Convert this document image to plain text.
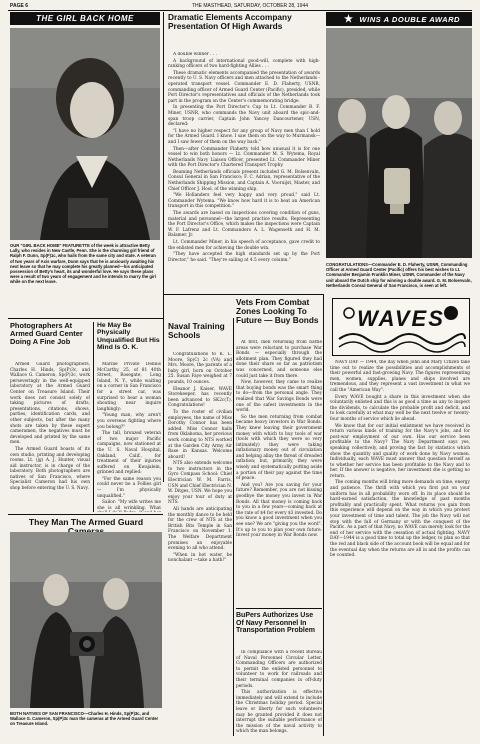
PAGE 6	THE MASTHEAD, SATURDAY, OCTOBER 28, 1944
THE GIRL BACK HOME
OUR "GIRL BACK HOME" FEATURETTE of the week is attractive Betty Lally, who resides in New Castle, Penn. She is the charming girl friend of Ralph F. Dunn, Sp(F)1c, who hails from the same city and state. A veteran of two years of Axis warfare, Dunn says that he is anxiously awaiting his next leave so that he may complete his greatly planned—his anticipated possession of Betty's heart, its and wonderful love. He says these plans were a result of two years of engagement and he intends to marry the girl while on the next leave.
Dramatic Elements Accompany Presentation Of High Awards

A double winner . . .

A background of international good-will, complete with high-ranking officers of two hard-fighting Allies . . .

These dramatic elements accompanied the presentation of awards recently to U. S. Navy officers and men attached to the Netherlands - operated transport vessel. Commander E. D. Flaherty, USNR, commanding officer of Armed Guard Center (Pacific), presided, while Port Director's representatives and officials of the Netherlands took part in the program on the Center's commemorating bridge.

In presenting the Port Director's Cup to Lt. Commander B. F. Miner, USNR, who commands the Navy unit aboard the spic-and-span troop carrier, Captain John Yancey Dancourtener, USN, declared:

"I have no higher respect for any group of Navy men than I hold for the Armed Guard. I know. I saw them on the way to Murmansk—and I saw fewer of them on the way back."

Then—after Commander Flaherty told how unusual it is for one vessel to win both honors — Lt. Commander M. S. Wytema, Royal Netherlands Navy Liaison Officer, presented Lt. Commander Miner with the Port Director's Chartered Transport Trophy.

Beaming Netherlands officials present included G. M. Bolsenvaln, Consul General in San Francisco; F. C. Adrian, representative of the Netherlands Shipping Mission, and Captain A. Vooruijst, Master, and Chief Officer J. Hool, of the winning ship.

"We Hollanders feel very happy and very proud," said Lt. Commander Wytema. "We know how hard it is to beat an American transport in this competition."

The awards are based on inspections covering condition of guns, material and personnel—the largest practice results. Representing the Port Director's Office, which makes the inspections were Captain W. F. Lafrenz and Lt. Commanders A. L. Wagenseth and H. M. Balamer, Jr.

Lt. Commander Miner, in his speech of acceptance, gave credit to the enlisted men for achieving the double win.

"They have accepted the high standards set up by the Port Director," he said. "They're sailing at 4.5 every column."

★ WINS A DOUBLE AWARD
CONGRATULATIONS—Commander E. D. Flaherty, USNR, Commanding Officer at Armed Guard Center (Pacific) offers his best wishes to Lt. Commander Benjamin Franklin Miner, USNR, Commander of the Navy unit aboard the Dutch ship for winning a double award. G. M. Bolsenvaln, Netherlands Consul General of San Francisco, is seen at left.
Vets From Combat Zones Looking To Future — Buy Bonds

At first, men returning from battle areas were reluctant to purchase War Bonds — especially through the allotment plan. They figured they had done their share so far as patriotism was concerned, and someone else could just take it from there.

Now, however, they came to realize that buying bonds was the smart thing to do—from the personal angle. They realized that War Savings Bonds were one of the safest investments in the world.

So the men returning from combat became heavy investors in War Bonds. They knew leaving their government money with which to buy tools of war (tools with which they were so very intimately) they were taking inflationary money out of circulation and helping allay the threat of dreaded inflation; but, primarily, they were wisely and systematically putting aside a portion of their pay against the time of peace.

And you? Are you saving for your future? Remember, you are not kissing goodbye the money you invest in War Bonds. All that money is coming back to you in a few years—coming back at the rate of $4 for every $3 invested. Do you know a good investment when you see one? We are "giving you the word". It's up to you to plan your own future. Invest your money in War Bonds now.

Naval Training Schools

Congratulations to K. L. Moore, Sp(C) 2c (VA) and Mrs. Moore, the parents of a baby girl, born on October 25. Susan Faye weighed at 7 pounds, 10 ounces.

Eleanor J. Kaiser, WAVE Storekeeper, has recently been advanced to SK2c(T). Congratulations!

To the roster of civilian employees, the name of Miss Dorothy Connor has been added. Miss Connor hails from Oklahoma, her previous work coming to NTS worked at the Garden City Army Air Base in Kansas. Welcome aboard!

NTS also extends welcome to two instructors in the Gyro Compass School: Chief Electrician W. M. Farris, USN and Chief Electrician N. W. Ditges, USN. We hope you enjoy your tour of duty at NTS.

All hands are anticipating the monthly dance to be held for the crew of NTS at the British Bits Temple in San Francisco on November 1. The Welfare Department promises an enjoyable evening to all who attend.

"When in hot water, be nonchalant —take a bath!"

BuPers Authorizes Use Of Navy Personnel In Transportation Problem

In compliance with a recent Bureau of Naval Personnel Circular Letter, Commanding Officers are authorized to permit the enlisted personnel to volunteer to work for railroads and their terminal companies in off-duty periods.

This authorization is effective immediately and will extend to include the Christmas holiday period. Special leave or liberty for such volunteers may be granted provided it does not interrupt the suitable performance of the mission of the naval activity to which the man belongs.

WAVES

NAVY DAY — 1944, the day when John and Mary Citizen take time out to realize the possibilities and accomplishments of their powerful and fast-growing Navy. The figures representing men, women, supplies, planes and ships involved are tremendous, and they represent a vast investment in what we call the "American Way".

Every WAVE bought a share in this investment when she voluntarily enlisted and this is as good a time as any to inspect the dividends, to calculate the probable profit and deficit, and to look carefully at what may well be the next twelve or twenty-four months of service which lie ahead.

We know that for our initial enlistment we have received in return various kinds of training for the Navy's jobs, and for post-war employment of our own. Has our service been profitable to the Navy? The Navy Department says yes, speaking collectively, and proving the fact by statistics which show the quantity and quality of work done by Navy women. Individually, each WAVE must answer that question herself as to whether her service has been profitable to the Navy and to her. If the answer is negative, her investment she is getting no return.

The coming months will bring more demands on time, energy and patience. The thrill with which you first put on your uniform has in all probability worn off. In its place should be hard-earned satisfaction, the knowledge of past months profitably and practically spent. What returns you gain from this experience will depend on the way in which you protect your investment of time and talent. The job the Navy will not stop with the fall of Germany or with the conquest of the Pacific. As a part of that Navy, no WAVE can merely look for the end of her service with the cessation of actual fighting. NAVY DAY—1944 is a good time to total up the ledger, to plan so that the red and black side of the account book will be equal and for the eventual day when the returns are all in and the profits can be counted.

Photographers At Armed Guard Center Doing A Fine Job

Armed Guard photographers, Charles H. Hinds, Sp(P)3c, and Wallace G. Cameron, Sp(P)3c, work perseveringly in the well-equipped laboratory at the Armed Guard Center on Treasure Island. Their work does not consist solely of taking pictures of drafts, presentations, citations, shows, parties, identification cards, and other subjects, but after the many shots are taken by these expert cameramen, the negatives must be developed and printed by the same men.

The Armed Guard boasts of its own studio, printing and developing rooms. Lt. (jg) A. J. Hunter, visual aid instructor, is in charge of the laboratory. Both photographers are natives of San Francisco, where Specialist Cameron had his own shop before entering the U. S. Navy.

He May Be Physically Unqualified But His Mind Is O. K.

Marine Private Dennis McCarthy, 25, of 81 40th Street, Rosegate, Long Island, N. Y., while waiting on a corner in San Francisco for a street car, was surprised to hear a woman shouting near inquire laughingly:

"Young man, why aren't you overseas fighting where you belong?"

The tall, bronzed veteran of two major Pacific campaigns, now stationed at the U. S. Naval Hospital, Oakland, Calif., for treatment of their injuries suffered on Kwajalein, grinned and replied:

"For the same reason you could never be a Follies girl — I'm physically unqualified."

Sailor: "My wife writes me she is all wrinkling. What

They Man The Armed Guard
BOTH NATIVES OF SAN FRANCISCO—Charles H. Hinds, Sp(P)3c, and Wallace G. Cameron, Sp(P)3c man the cameras at the Armed Guard Center on Treasure Island.
